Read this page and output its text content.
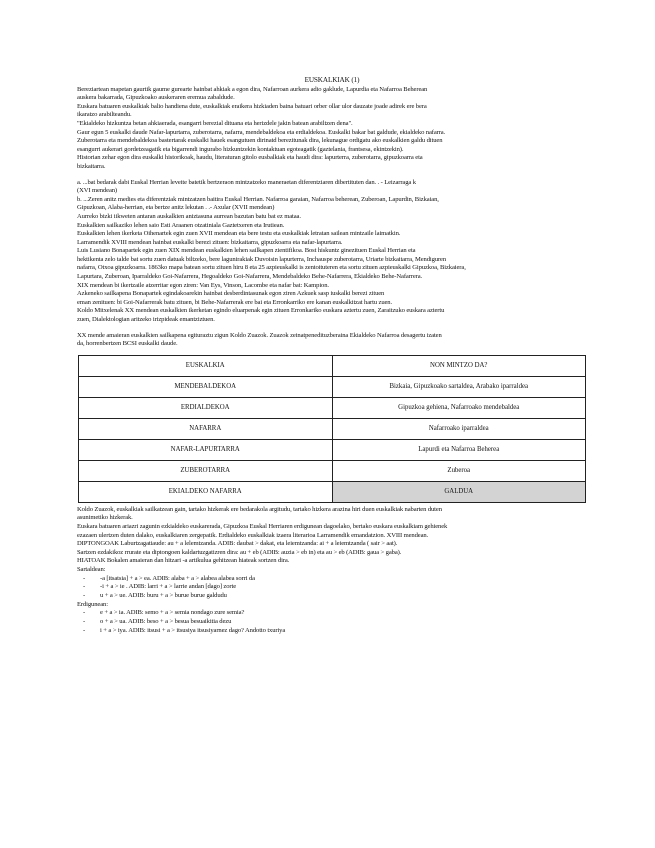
EUSKALKIAK (1)

Bereziartean mapetan gaurtik gaume gurearte hainbat ahkiak a egon dira, Nafarroan aurkera adio gaklude, Lapurdia eta Nafarroa Beherean

auskera bakarrada, Gipuzkoako auskeraren eremua zabaldude.

Euskara batuaren euskalkiak balio handiena dute, euskalkiak eraikera hizkiaden baina batuari orber ollar ulor dauzate joade adirek ere bera

ikaratzo arabilteandu.

"Ekialdeko hizkuntza betan ahkiaerada, esangarri berezial dituana eta herizdele jakin batean arabiltzen dena".

Gaur egun 5 euskalki daude Nafar-lapurtarra, zuberotarra, nafarra, mendebaldekoa eta erdialdekoa. Euskalki bakar bat galdude, ekialdeko nafarra.

Zuberotarra eta mendebaldekoa bastertarak euskalki hauek esangutuen dirinatd berezitunak dira, lekunague ordigatu ako euskalkien galdu dituen

esangurri aukerari gordetzeagatik eta bigarrendi ingurabo hizkuntzekin kontaktuan egoteagatik (gaztelania, frantsesa, ekintzekin).

Historian zehar egon dira euskalki historikoak, haudu, literaturan gitolo eusbalkiak eta haudi dira: lapurterra, zuberotarra, gipuzkoarra eta

bizkaitarra.

a. ...bat bedarak dabi Euskal Herrian leveite batetik bertzeraon mintzatzeko maneraetan diferentziaren dibertituten dan. . - Leizarraga k

(XVI mendean)

b. ...Zeren anitz medies eta diferentziak mintzatzen baitira Euskal Herrian. Nafarroa garaian, Nafarroa beherean, Zuberoan, Lapurdin, Bizkaian,

Gipuzkoan, Alaba-herrian, eta bertze anitz lekutan . .- Axular (XVII mendean)

Aurreko bizki iikweten antaran auskalkien aniztasuna aurrean bazutan batu bat ez mataa.

Euskalkien sailkaziko lehen saio Esti Araanen otzatiniala Gaztetxeren eta Irutiean.

Euskalkien lehen ikerketa Oihenartek egin zuen XVII mendean eta bere testu eta euskalkiak letratan sailean mintzaile laimatkin.

Larramendik XVIII mendean hainbat euskalki berezi zituen: bizkaitarra, gipuzkoarra eta nafar-lapurtarra.

Luis Lusiano Bonapartek egin zuen XIX mendean euskalkien lehen sailkapen zientifikoa. Bost hiskuntz ginezituen Euskal Herrian eta

hektikenta zelo talde bat sortu zuen datuak biltzeko, bere lagunirakiak Duvoisin lapurterra, Inchauspe zuberotarra, Uriarte bizkaitarra, Mendiguren

nafarra, Otxoa gipuzkoarra. 1863ko mapa batean sortu zituen hiru 8 eta 25 azpieuskalki is zentoituteren eta sortu zituen azpieuskalki Gipuzkoa, Bizkaiera,

Lapurtara, Zuberoan, Iparraldeko Goi-Nafarrera, Hegoaldeko Goi-Nafarrera, Mendebaldeko Behe-Nafarrera, Ekialdeko Behe-Nafarrera.

XIX mendean bi ikertzaile atzerritar egon ziren: Van Eys, Vinson, Lacombe eta nafar bat: Kampion.

Azkeneko sailkapena Bonapartek egindakoarekin hainbat desberdintasunak egon ziren Azkuek sasp iuskalki berezi zituen

eman zenituen: bi Goi-Nafarrerak batu zituen, bi Behe-Nafarrerak ere bai eta Erronkarriko ere kanan euskalkitzat hartu zuen.

Koldo Mitxelenak XX mendean euskalkien ikerketan egindo eluarpenak egin zituen Erronkariko euskara aztertu zuen, Zaraitzuko euskara aztertu

zuen, Dialektologian aritzeko irizpideak emantziztuen.

XX mende amaieran euskalkien sailkapena egituraztu zigun Koldo Zuazok. Zuazok zeinatpenedituzberaina Ekialdeko Nafarroa desagertu izaten

da, horrenbertzen BCSI euskalki daude.

EUSKALKIA	NON MINTZO DA?
MENDEBALDEKOA	Bizkaia, Gipuzkoako sartaldea, Arabako iparraldea
ERDIALDEKOA	Gipuzkoa gehiena, Nafarroako mendebaldea
NAFARRA	Nafarroako iparraldea
NAFAR-LAPURTARRA	Lapurdi eta Nafarroa Beherea
ZUBEROTARRA	Zuberoa
EKIALDEKO NAFARRA	GALDUA

Koldo Zuazok, euskalkiak sailkatzean gain, tartako hizkerak ere bedarakola argitudu, tartako hizkera arazina hiri duen euskalkiak nabarten duten

asunimetiko hizkerak.

Euskara batuaren ariazri zagunin ezkialdeko euskarerada, Gipuzkoa Euskal Herriaren erdigunean dagoelako, bertako euskara euskalkiam gehienek

ezazaen ulertzen duten dalako, euskalkiaren zergepatik. Erdialdeko euskalkiak izaera literarioa Larramendik emandatzion. XVIII mendean.

DIPTONGOAK Laburtzagatiaude: au + a lelemtzanda. ADIB: daubat > dakat, eta leiemtzanda: ai + a leiemtzanda ( sair > aat).

Sartzen ezdakikoz rrurate eta diptongoen kaldartuzgatizren dira: au + eb (ADIB: auzia > eb in) eta au > eb (ADIB: gaua > gaba).

HIATOAK Bokalen amaieran dan hitzari -a artikulua gehitzean hiateak sortzen dira.

Sartaldean:

- -a [itsatsia] + a > ea. ADIB: alaba + a > alabea alabea sorri da
- -i + a > ie . ADIB: larri + a > larrie andan [dago] zorte
- u + a > ue. ADIB: buru + a > burue burue galdudu

Erdigunean:

- e + a > ia. ADIB: semo + a > semia nondago zure semia?
- o + a > ua. ADIB: beso + a > besua besuaikitia dezu
- i + a > iya. ADIB: itsusi + a > itsusiya itsusiyarnez dago? Andotto txuriya
